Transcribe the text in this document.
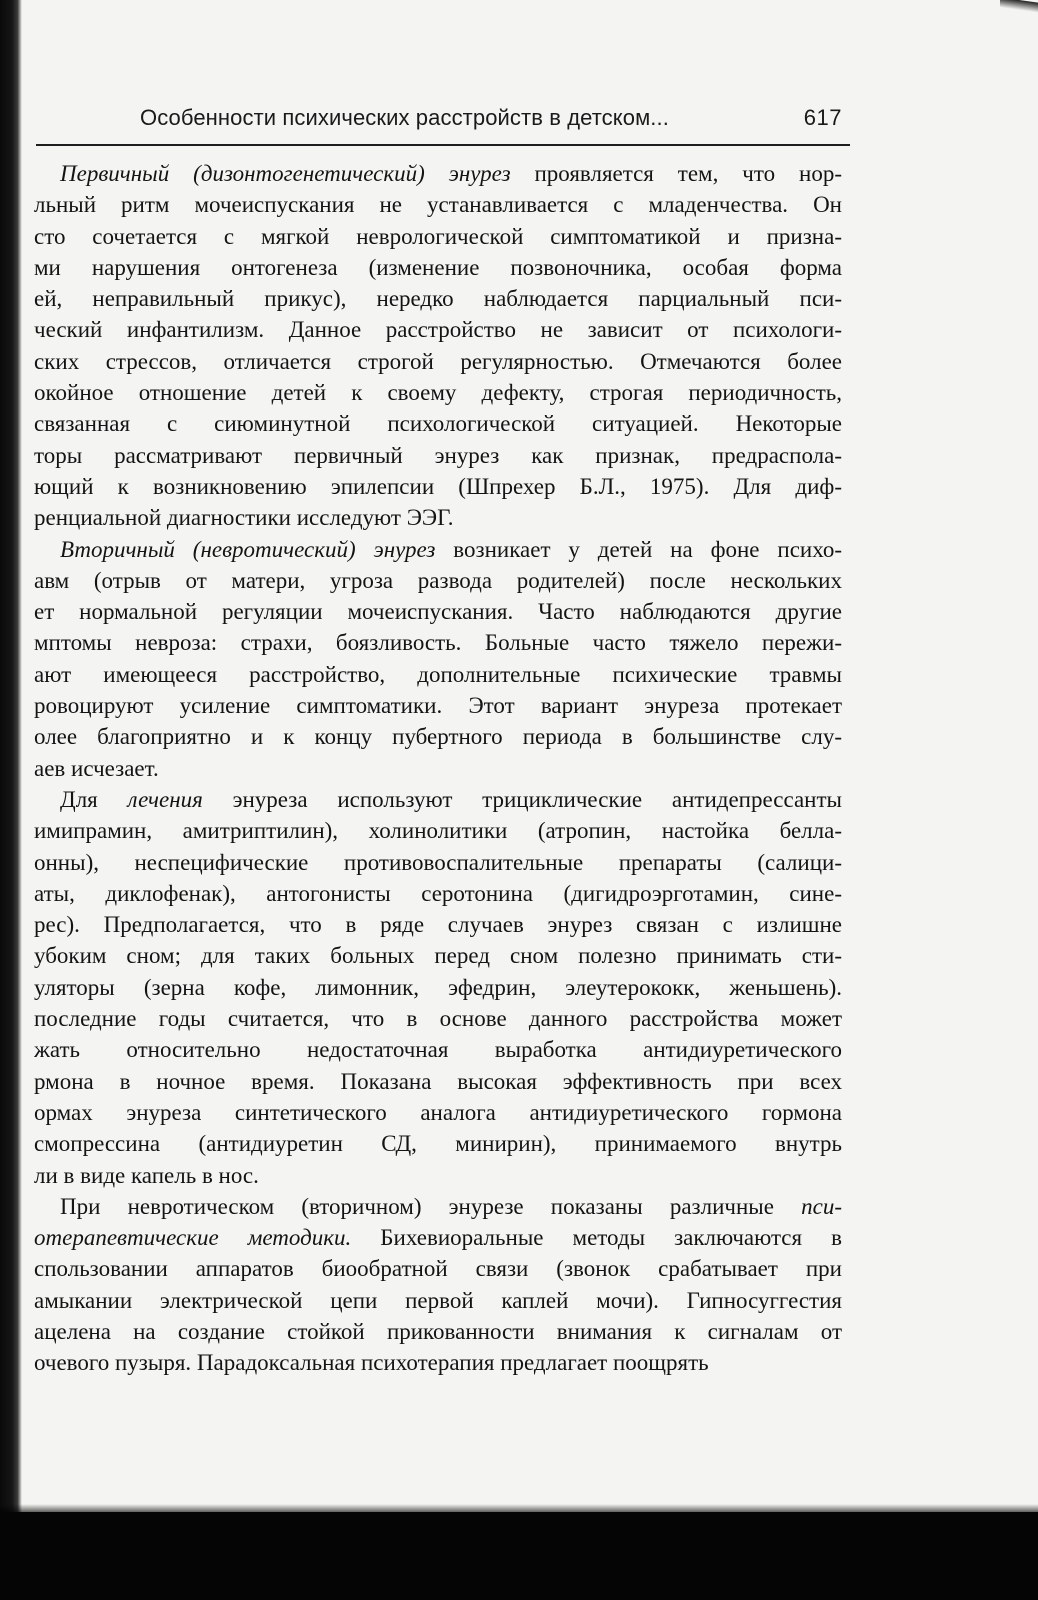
Особенности психических расстройств в детском...	617
Первичный (дизонтогенетический) энурез проявляется тем, что нор-
льный ритм мочеиспускания не устанавливается с младенчества. Он
сто сочетается с мягкой неврологической симптоматикой и призна-
ми нарушения онтогенеза (изменение позвоночника, особая форма
ей, неправильный прикус), нередко наблюдается парциальный пси-
ческий инфантилизм. Данное расстройство не зависит от психологи-
ских стрессов, отличается строгой регулярностью. Отмечаются более
окойное отношение детей к своему дефекту, строгая периодичность,
связанная с сиюминутной психологической ситуацией. Некоторые
торы рассматривают первичный энурез как признак, предраспола-
ющий к возникновению эпилепсии (Шпрехер Б.Л., 1975). Для диф-
ренциальной диагностики исследуют ЭЭГ.
Вторичный (невротический) энурез возникает у детей на фоне психо-
авм (отрыв от матери, угроза развода родителей) после нескольких
ет нормальной регуляции мочеиспускания. Часто наблюдаются другие
мптомы невроза: страхи, боязливость. Больные часто тяжело пережи-
ают имеющееся расстройство, дополнительные психические травмы
ровоцируют усиление симптоматики. Этот вариант энуреза протекает
олее благоприятно и к концу пубертного периода в большинстве слу-
аев исчезает.
Для лечения энуреза используют трициклические антидепрессанты
имипрамин, амитриптилин), холинолитики (атропин, настойка белла-
онны), неспецифические противовоспалительные препараты (салици-
аты, диклофенак), антогонисты серотонина (дигидроэрготамин, сине-
рес). Предполагается, что в ряде случаев энурез связан с излишне
убоким сном; для таких больных перед сном полезно принимать сти-
уляторы (зерна кофе, лимонник, эфедрин, элеутерококк, женьшень).
последние годы считается, что в основе данного расстройства может
жать относительно недостаточная выработка антидиуретического
рмона в ночное время. Показана высокая эффективность при всех
ормах энуреза синтетического аналога антидиуретического гормона
смопрессина (антидиуретин СД, минирин), принимаемого внутрь
ли в виде капель в нос.
При невротическом (вторичном) энурезе показаны различные пси-
отерапевтические методики. Бихевиоральные методы заключаются в
спользовании аппаратов биообратной связи (звонок срабатывает при
амыкании электрической цепи первой каплей мочи). Гипносуггестия
ацелена на создание стойкой прикованности внимания к сигналам от
очевого пузыря. Парадоксальная психотерапия предлагает поощрять
